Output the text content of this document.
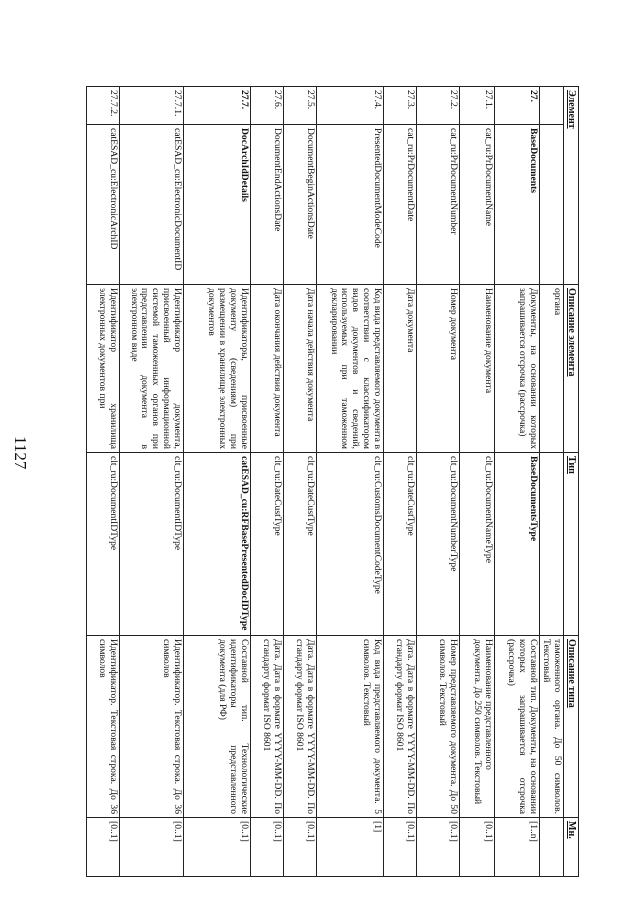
1127
Элемент		Описание элемента	Тип	Описание типа	Мн.
		органа		таможенного органа. До 50 символов. Текстовый	
27.	BaseDocuments	Документы, на основании которых запрашивается отсрочка (рассрочка)	BaseDocumentsType	Составной тип. Документы, на основании которых запрашивается отсрочка (рассрочка)	[1..n]
27.1.	cat_ru:PrDocumentName	Наименование документа	clt_ru:DocumentNameType	Наименование представленного документа. До 250 символов. Текстовый	[0..1]
27.2.	cat_ru:PrDocumentNumber	Номер документа	clt_ru:DocumentNumberType	Номер представляемого документа. До 50 символов. Текстовый	[0..1]
27.3.	cat_ru:PrDocumentDate	Дата документа	clt_ru:DateCustType	Дата. Дата в формате YYYY-MM-DD. По стандарту формат ISO 8601	[0..1]
27.4.	PresentedDocumentModeCode	Код вида представляемого документа в соответствии с классификатором видов документов и сведений, используемых при таможенном декларировании	clt_ru:CustomsDocumentCodeType	Код вида представляемого документа. 5 символов. Текстовый	[1]
27.5.	DocumentBeginActionsDate	Дата начала действия документа	clt_ru:DateCustType	Дата. Дата в формате YYYY-MM-DD. По стандарту формат ISO 8601	[0..1]
27.6.	DocumentEndActionsDate	Дата окончания действия документа	clt_ru:DateCustType	Дата. Дата в формате YYYY-MM-DD. По стандарту формат ISO 8601	[0..1]
27.7.	DocArchIdDetails	Идентификаторы, присвоенные документу (сведениям) при размещении в хранилище электронных документов	catESAD_cu:RFBasePresentedDocIDType	Составной тип. Технологические идентификаторы представленного документа (для РФ)	[0..1]
27.7.1.	catESAD_cu:ElectronicDocumentID	Идентификатор документа, присвоенный информационной системой таможенных органов при представлении документа в электронном виде	clt_ru:DocumentIDType	Идентификатор. Текстовая строка. До 36 символов	[0..1]
27.7.2.	catESAD_cu:ElectronicArchID	Идентификатор хранилища электронных документов при	clt_ru:DocumentIDType	Идентификатор. Текстовая строка. До 36 символов	[0..1]
